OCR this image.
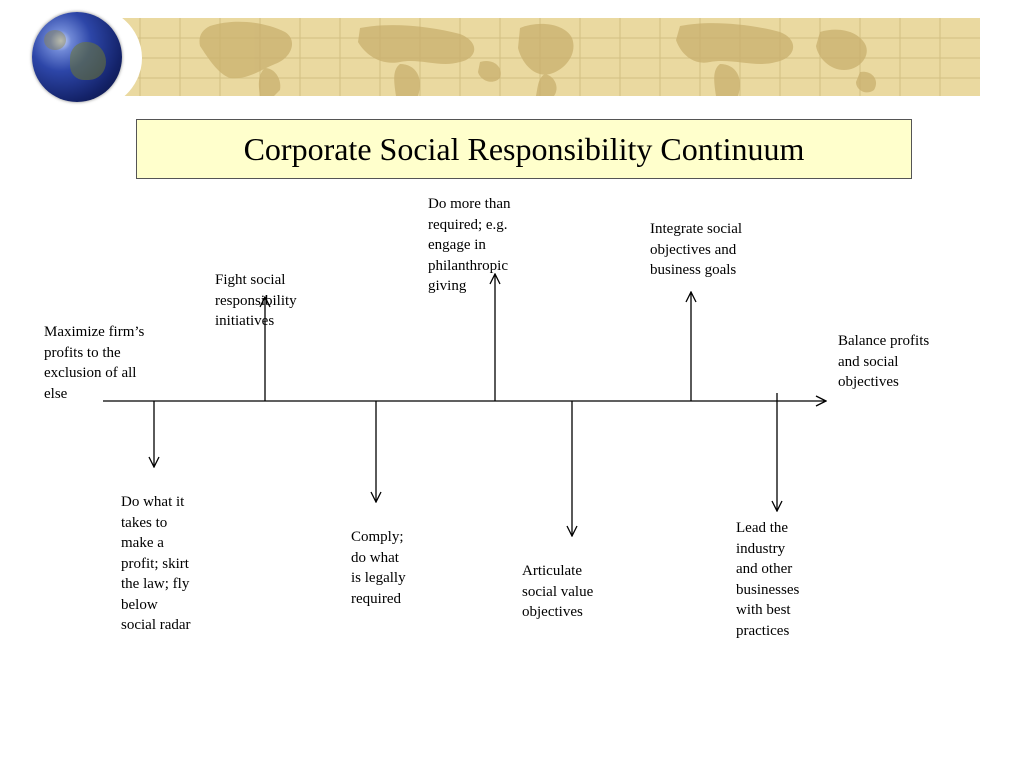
Corporate Social Responsibility Continuum
Maximize firm’s
profits to the
exclusion of all
else
Balance profits
and social
objectives
Fight social
responsibility
initiatives
Do more than
required; e.g.
engage in
philanthropic
giving
Integrate social
objectives and
business goals
Do what it
takes to
make a
profit; skirt
the law; fly
below
social radar
Comply;
do what
is legally
required
Articulate
social value
objectives
Lead the
industry
and other
businesses
with best
practices
